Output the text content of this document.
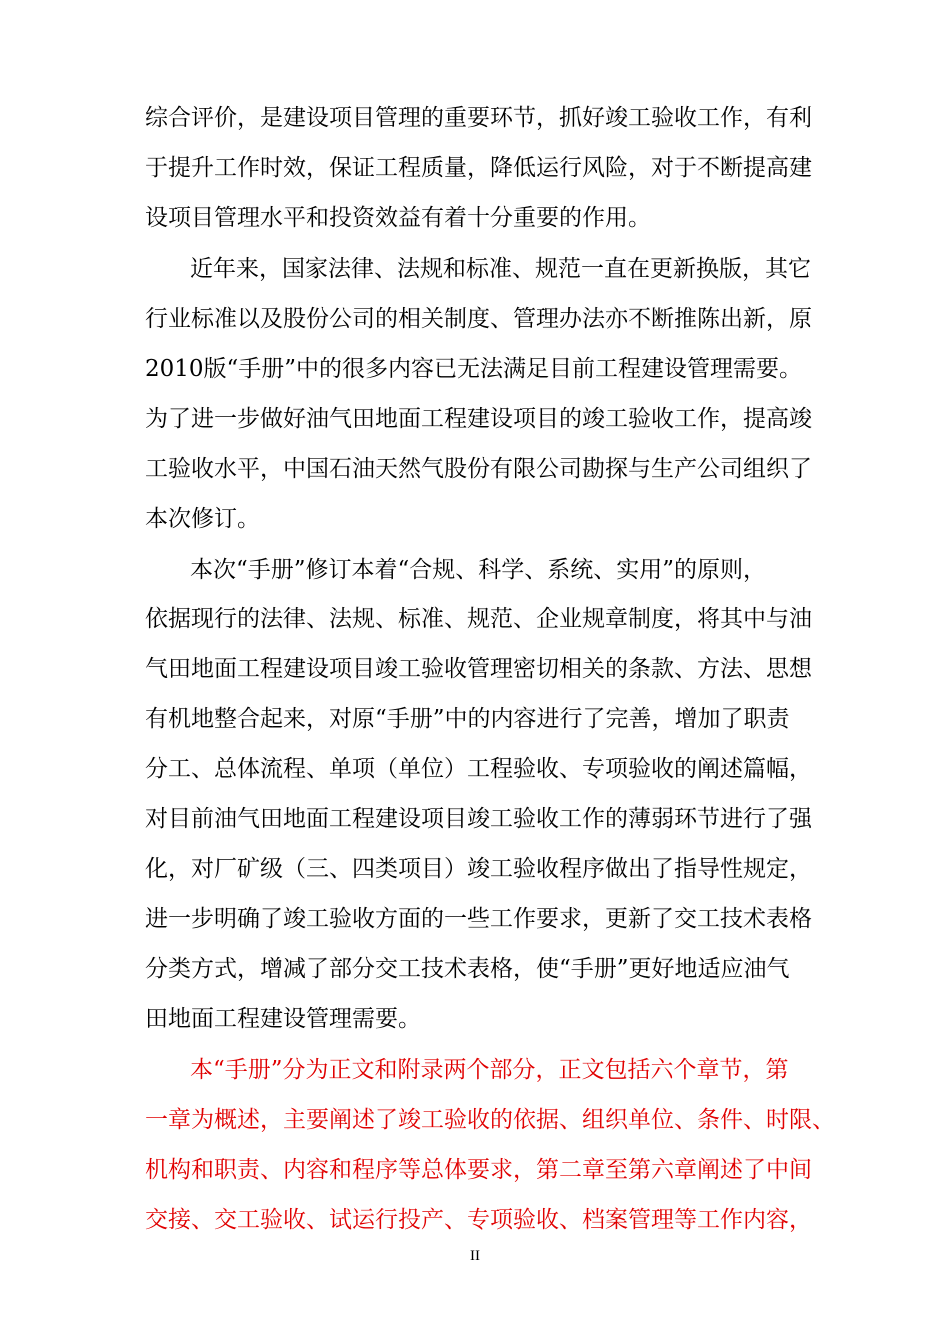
综合评价，是建设项目管理的重要环节，抓好竣工验收工作，有利
于提升工作时效，保证工程质量，降低运行风险，对于不断提高建
设项目管理水平和投资效益有着十分重要的作用。
近年来，国家法律、法规和标准、规范一直在更新换版，其它
行业标准以及股份公司的相关制度、管理办法亦不断推陈出新，原
2010版“手册”中的很多内容已无法满足目前工程建设管理需要。
为了进一步做好油气田地面工程建设项目的竣工验收工作，提高竣
工验收水平，中国石油天然气股份有限公司勘探与生产公司组织了
本次修订。
本次“手册”修订本着“合规、科学、系统、实用”的原则，
依据现行的法律、法规、标准、规范、企业规章制度，将其中与油
气田地面工程建设项目竣工验收管理密切相关的条款、方法、思想
有机地整合起来，对原“手册”中的内容进行了完善，增加了职责
分工、总体流程、单项（单位）工程验收、专项验收的阐述篇幅，
对目前油气田地面工程建设项目竣工验收工作的薄弱环节进行了强
化，对厂矿级（三、四类项目）竣工验收程序做出了指导性规定，
进一步明确了竣工验收方面的一些工作要求，更新了交工技术表格
分类方式，增减了部分交工技术表格，使“手册”更好地适应油气
田地面工程建设管理需要。
本“手册”分为正文和附录两个部分，正文包括六个章节，第
一章为概述，主要阐述了竣工验收的依据、组织单位、条件、时限、
机构和职责、内容和程序等总体要求，第二章至第六章阐述了中间
交接、交工验收、试运行投产、专项验收、档案管理等工作内容，
II
